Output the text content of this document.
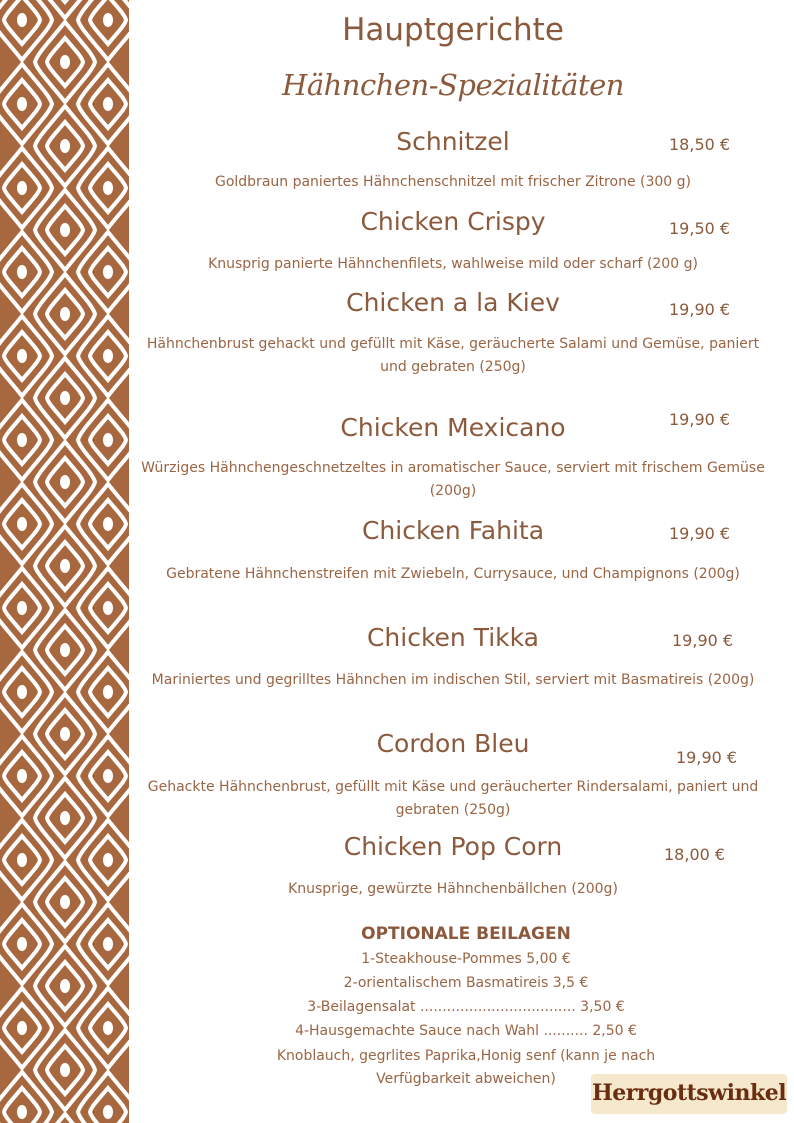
Hauptgerichte
Hähnchen-Spezialitäten
Schnitzel	18,50 €
Goldbraun paniertes Hähnchenschnitzel mit frischer Zitrone (300 g)
Chicken Crispy	19,50 €
Knusprig panierte Hähnchenfilets, wahlweise mild oder scharf (200 g)
Chicken a la Kiev	19,90 €
Hähnchenbrust gehackt und gefüllt mit Käse, geräucherte Salami und Gemüse, paniert und gebraten (250g)
Chicken Mexicano	19,90 €
Würziges Hähnchengeschnetzeltes in aromatischer Sauce, serviert mit frischem Gemüse (200g)
Chicken Fahita	19,90 €
Gebratene Hähnchenstreifen mit Zwiebeln, Currysauce, und Champignons (200g)
Chicken Tikka	19,90 €
Mariniertes und gegrilltes Hähnchen im indischen Stil, serviert mit Basmatireis (200g)
Cordon Bleu	19,90 €
Gehackte Hähnchenbrust, gefüllt mit Käse und geräucherter Rindersalami, paniert und gebraten (250g)
Chicken Pop Corn	18,00 €
Knusprige, gewürzte Hähnchenbällchen (200g)
OPTIONALE BEILAGEN
1-Steakhouse-Pommes 5,00 €
2-orientalischem Basmatireis 3,5 €
3-Beilagensalat ................................... 3,50 €
4-Hausgemachte Sauce nach Wahl .......... 2,50 €
Knoblauch, gegrlites Paprika,Honig senf (kann je nach Verfügbarkeit abweichen)
Herrgottswinkel
